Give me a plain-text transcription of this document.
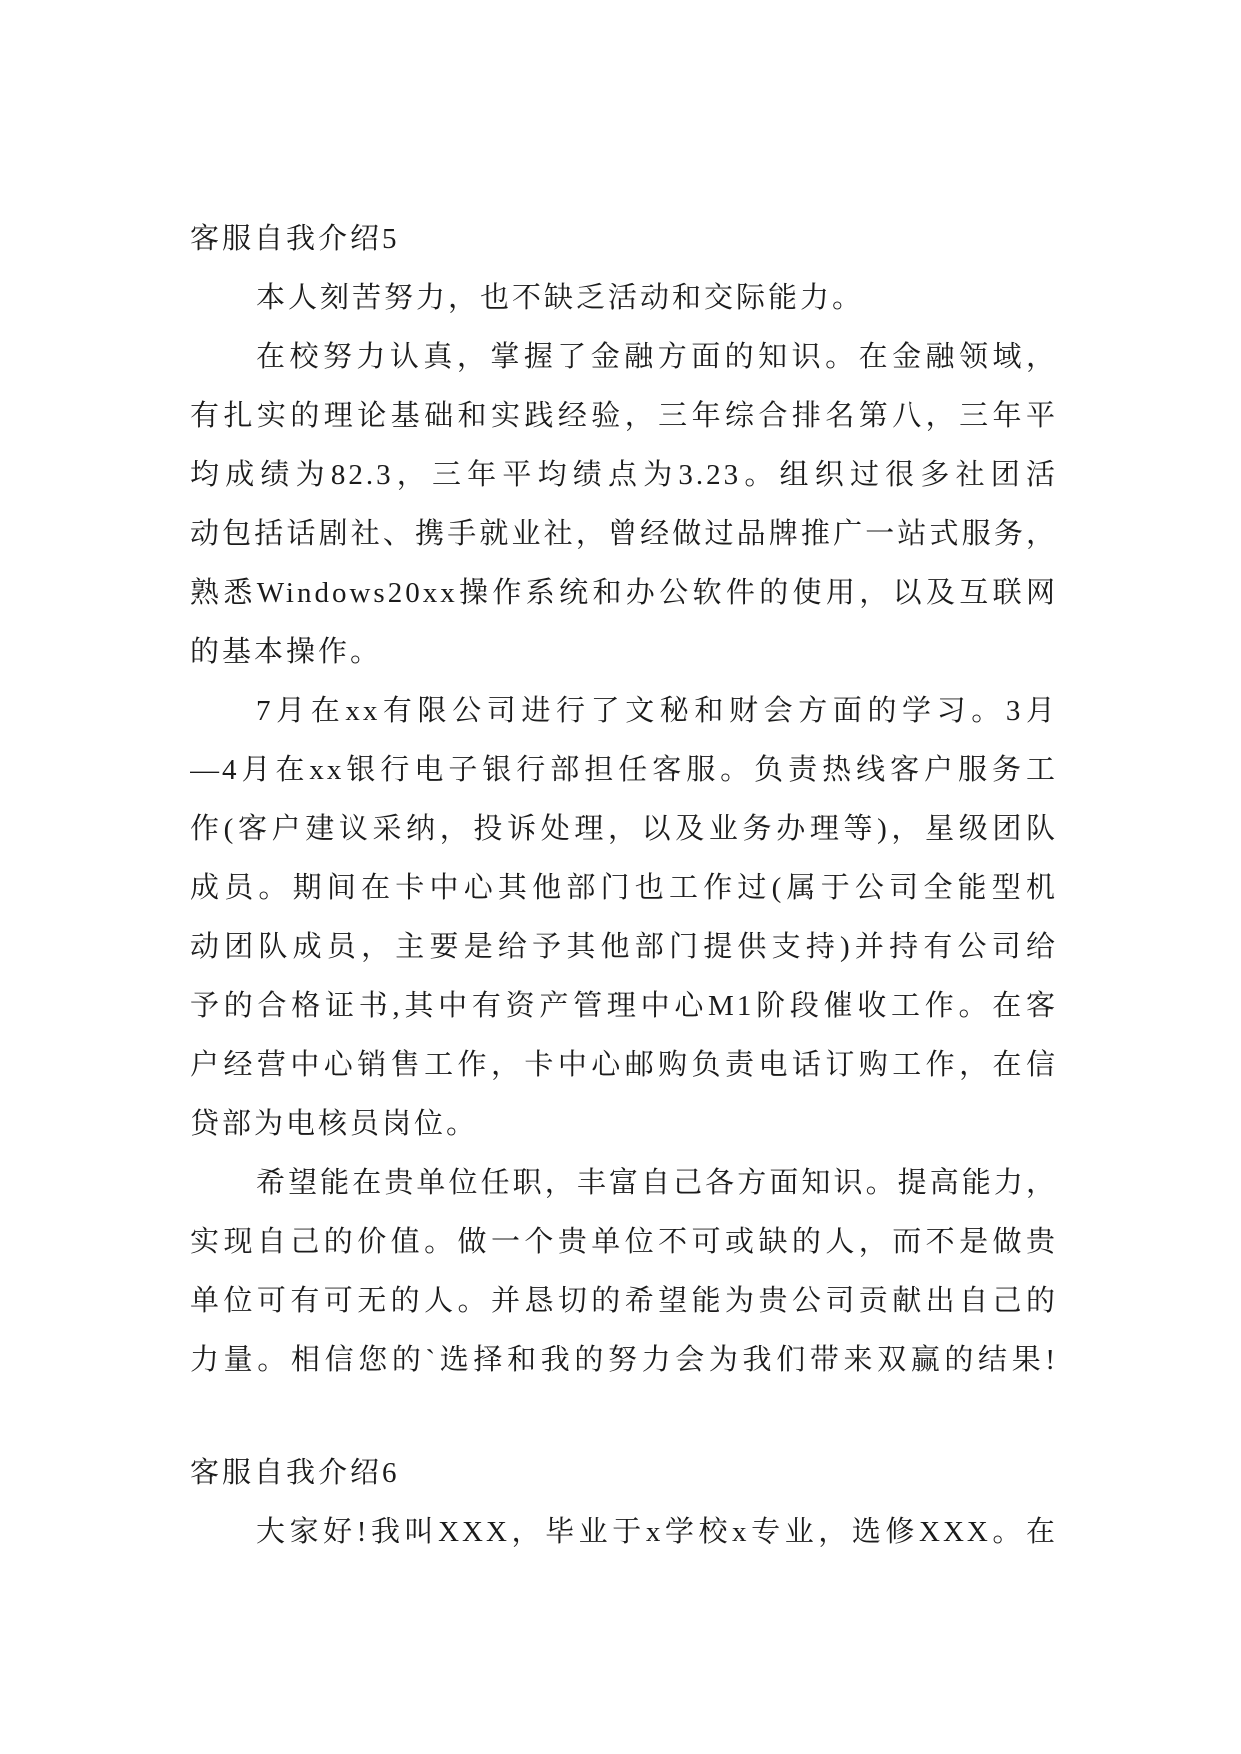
客服自我介绍5
本人刻苦努力，也不缺乏活动和交际能力。
在校努力认真，掌握了金融方面的知识。在金融领域，
有扎实的理论基础和实践经验，三年综合排名第八，三年平
均成绩为82.3，三年平均绩点为3.23。组织过很多社团活
动包括话剧社、携手就业社，曾经做过品牌推广一站式服务，
熟悉Windows20xx操作系统和办公软件的使用，以及互联网
的基本操作。
7月在xx有限公司进行了文秘和财会方面的学习。3月
—4月在xx银行电子银行部担任客服。负责热线客户服务工
作(客户建议采纳，投诉处理，以及业务办理等)，星级团队
成员。期间在卡中心其他部门也工作过(属于公司全能型机
动团队成员，主要是给予其他部门提供支持)并持有公司给
予的合格证书,其中有资产管理中心M1阶段催收工作。在客
户经营中心销售工作，卡中心邮购负责电话订购工作，在信
贷部为电核员岗位。
希望能在贵单位任职，丰富自己各方面知识。提高能力，
实现自己的价值。做一个贵单位不可或缺的人，而不是做贵
单位可有可无的人。并恳切的希望能为贵公司贡献出自己的
力量。相信您的`选择和我的努力会为我们带来双赢的结果!
客服自我介绍6
大家好!我叫XXX，毕业于x学校x专业，选修XXX。在
